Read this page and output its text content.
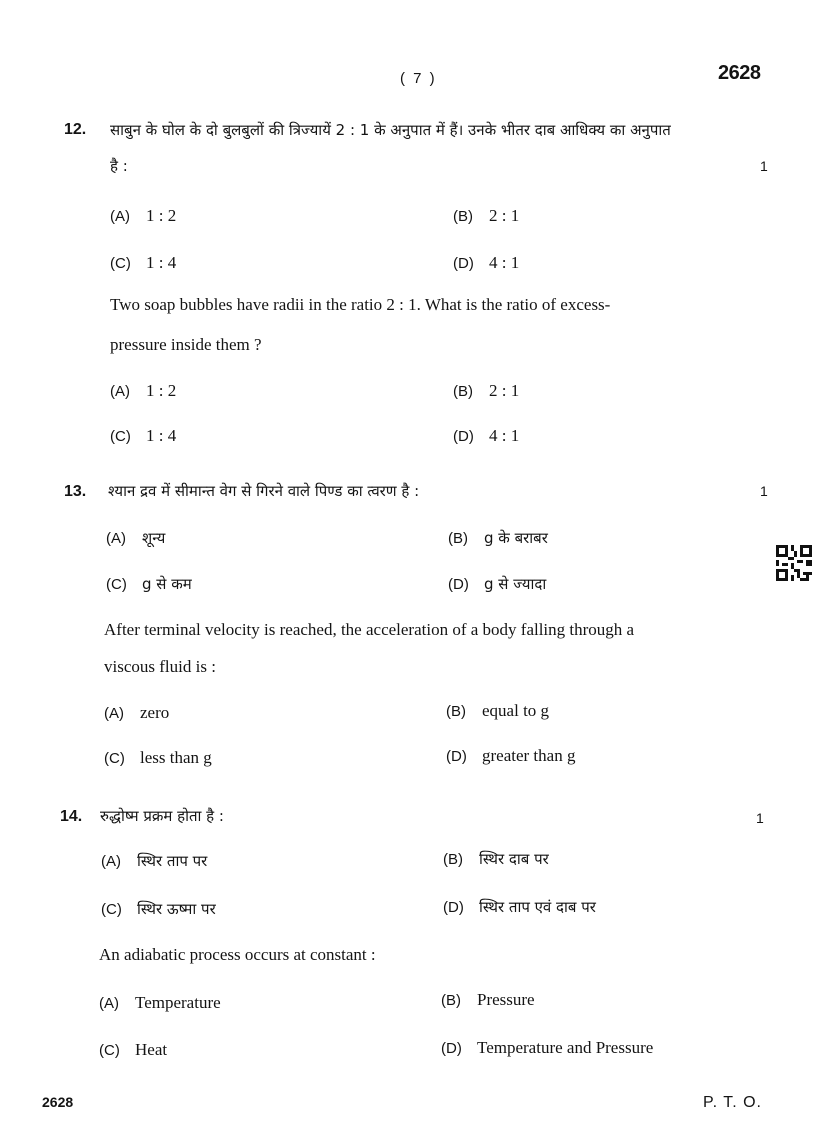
( 7 )	2628
12. साबुन के घोल के दो बुलबुलों की त्रिज्यायें 2 : 1 के अनुपात में हैं। उनके भीतर दाब आधिक्य का अनुपात
है :	1
(A) 1 : 2	(B) 2 : 1
(C) 1 : 4	(D) 4 : 1
Two soap bubbles have radii in the ratio 2 : 1. What is the ratio of excess-
pressure inside them ?
(A) 1 : 2	(B) 2 : 1
(C) 1 : 4	(D) 4 : 1
13. श्यान द्रव में सीमान्त वेग से गिरने वाले पिण्ड का त्वरण है :	1
(A) शून्य	(B) g के बराबर
(C) g से कम	(D) g से ज्यादा
After terminal velocity is reached, the acceleration of a body falling through a
viscous fluid is :
(A) zero	(B) equal to g
(C) less than g	(D) greater than g
14. रुद्धोष्म प्रक्रम होता है :	1
(A) स्थिर ताप पर	(B) स्थिर दाब पर
(C) स्थिर ऊष्मा पर	(D) स्थिर ताप एवं दाब पर
An adiabatic process occurs at constant :
(A) Temperature	(B) Pressure
(C) Heat	(D) Temperature and Pressure
2628	P. T. O.
